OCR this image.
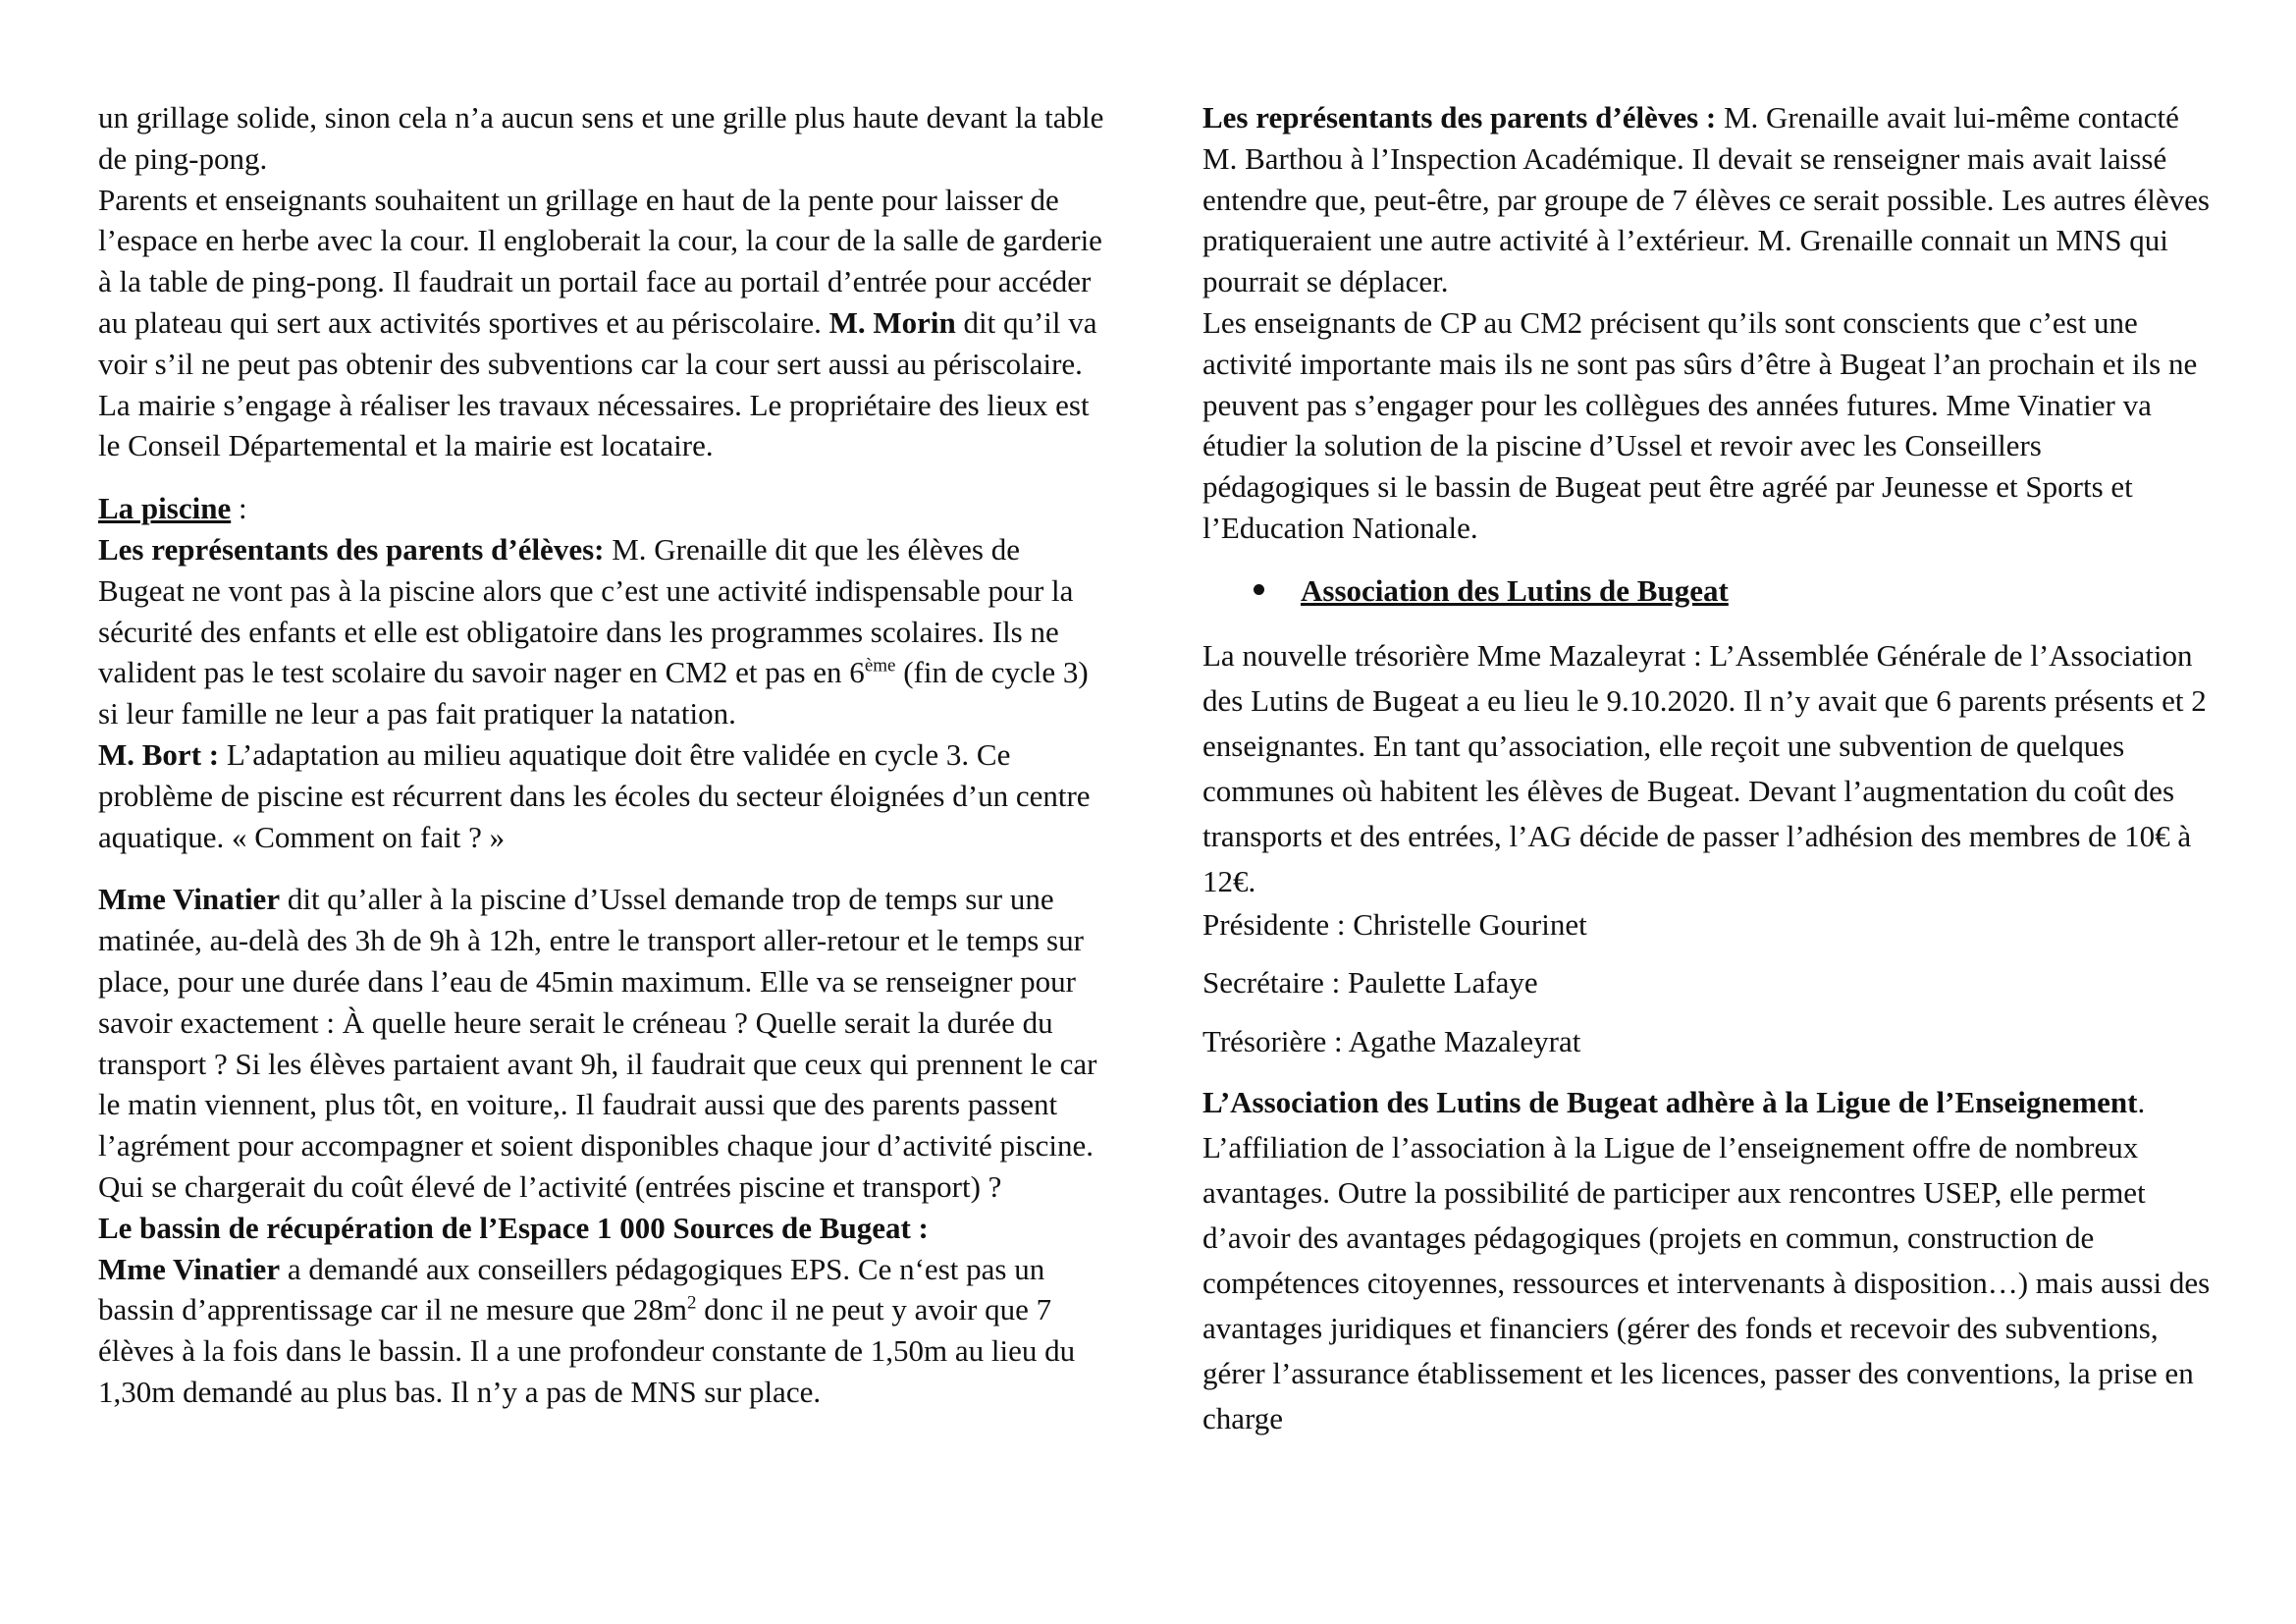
un grillage solide, sinon cela n’a aucun sens et une grille plus haute devant la table de ping-pong.

Parents et enseignants souhaitent un grillage en haut de la pente pour laisser de l’espace en herbe avec la cour. Il engloberait la cour, la cour de la salle de garderie à la table de ping-pong. Il faudrait un portail face au portail d’entrée pour accéder au plateau qui sert aux activités sportives et au périscolaire. M. Morin dit qu’il va voir s’il ne peut pas obtenir des subventions car la cour sert aussi au périscolaire.

La mairie s’engage à réaliser les travaux nécessaires. Le propriétaire des lieux est le Conseil Départemental et la mairie est locataire.

La piscine :

Les représentants des parents d’élèves: M. Grenaille dit que les élèves de Bugeat ne vont pas à la piscine alors que c’est une activité indispensable pour la sécurité des enfants et elle est obligatoire dans les programmes scolaires. Ils ne valident pas le test scolaire du savoir nager en CM2 et pas en 6ème (fin de cycle 3) si leur famille ne leur a pas fait pratiquer la natation.

M. Bort : L’adaptation au milieu aquatique doit être validée en cycle 3. Ce problème de piscine est récurrent dans les écoles du secteur éloignées d’un centre aquatique. « Comment on fait ? »

Mme Vinatier dit qu’aller à la piscine d’Ussel demande trop de temps sur une matinée, au-delà des 3h de 9h à 12h, entre le transport aller-retour et le temps sur place, pour une durée dans l’eau de 45min maximum. Elle va se renseigner pour savoir exactement : À quelle heure serait le créneau ? Quelle serait la durée du transport ? Si les élèves partaient avant 9h, il faudrait que ceux qui prennent le car le matin viennent, plus tôt, en voiture,. Il faudrait aussi que des parents passent l’agrément pour accompagner et soient disponibles chaque jour d’activité piscine. Qui se chargerait du coût élevé de l’activité (entrées piscine et transport) ?

Le bassin de récupération de l’Espace 1 000 Sources de Bugeat :

Mme Vinatier a demandé aux conseillers pédagogiques EPS. Ce n‘est pas un bassin d’apprentissage car il ne mesure que $28m^2$ donc il ne peut y avoir que 7 élèves à la fois dans le bassin. Il a une profondeur constante de 1,50m au lieu du 1,30m demandé au plus bas. Il n’y a pas de MNS sur place.

Les représentants des parents d’élèves : M. Grenaille avait lui-même contacté M. Barthou à l’Inspection Académique. Il devait se renseigner mais avait laissé entendre que, peut-être, par groupe de 7 élèves ce serait possible. Les autres élèves pratiqueraient une autre activité à l’extérieur. M. Grenaille connait un MNS qui pourrait se déplacer.

Les enseignants de CP au CM2 précisent qu’ils sont conscients que c’est une activité importante mais ils ne sont pas sûrs d’être à Bugeat l’an prochain et ils ne peuvent pas s’engager pour les collègues des années futures. Mme Vinatier va étudier la solution de la piscine d’Ussel et revoir avec les Conseillers pédagogiques si le bassin de Bugeat peut être agréé par Jeunesse et Sports et l’Education Nationale.

Association des Lutins de Bugeat

La nouvelle trésorière Mme Mazaleyrat : L’Assemblée Générale de l’Association des Lutins de Bugeat a eu lieu le 9.10.2020. Il n’y avait que 6 parents présents et 2 enseignantes. En tant qu’association, elle reçoit une subvention de quelques communes où habitent les élèves de Bugeat. Devant l’augmentation du coût des transports et des entrées, l’AG décide de passer l’adhésion des membres de 10€ à 12€.

Présidente : Christelle Gourinet

Secrétaire : Paulette Lafaye

Trésorière : Agathe Mazaleyrat

L’Association des Lutins de Bugeat adhère à la Ligue de l’Enseignement. L’affiliation de l’association à la Ligue de l’enseignement offre de nombreux avantages. Outre la possibilité de participer aux rencontres USEP, elle permet d’avoir des avantages pédagogiques (projets en commun, construction de compétences citoyennes, ressources et intervenants à disposition…) mais aussi des avantages juridiques et financiers (gérer des fonds et recevoir des subventions, gérer l’assurance établissement et les licences, passer des conventions, la prise en charge
